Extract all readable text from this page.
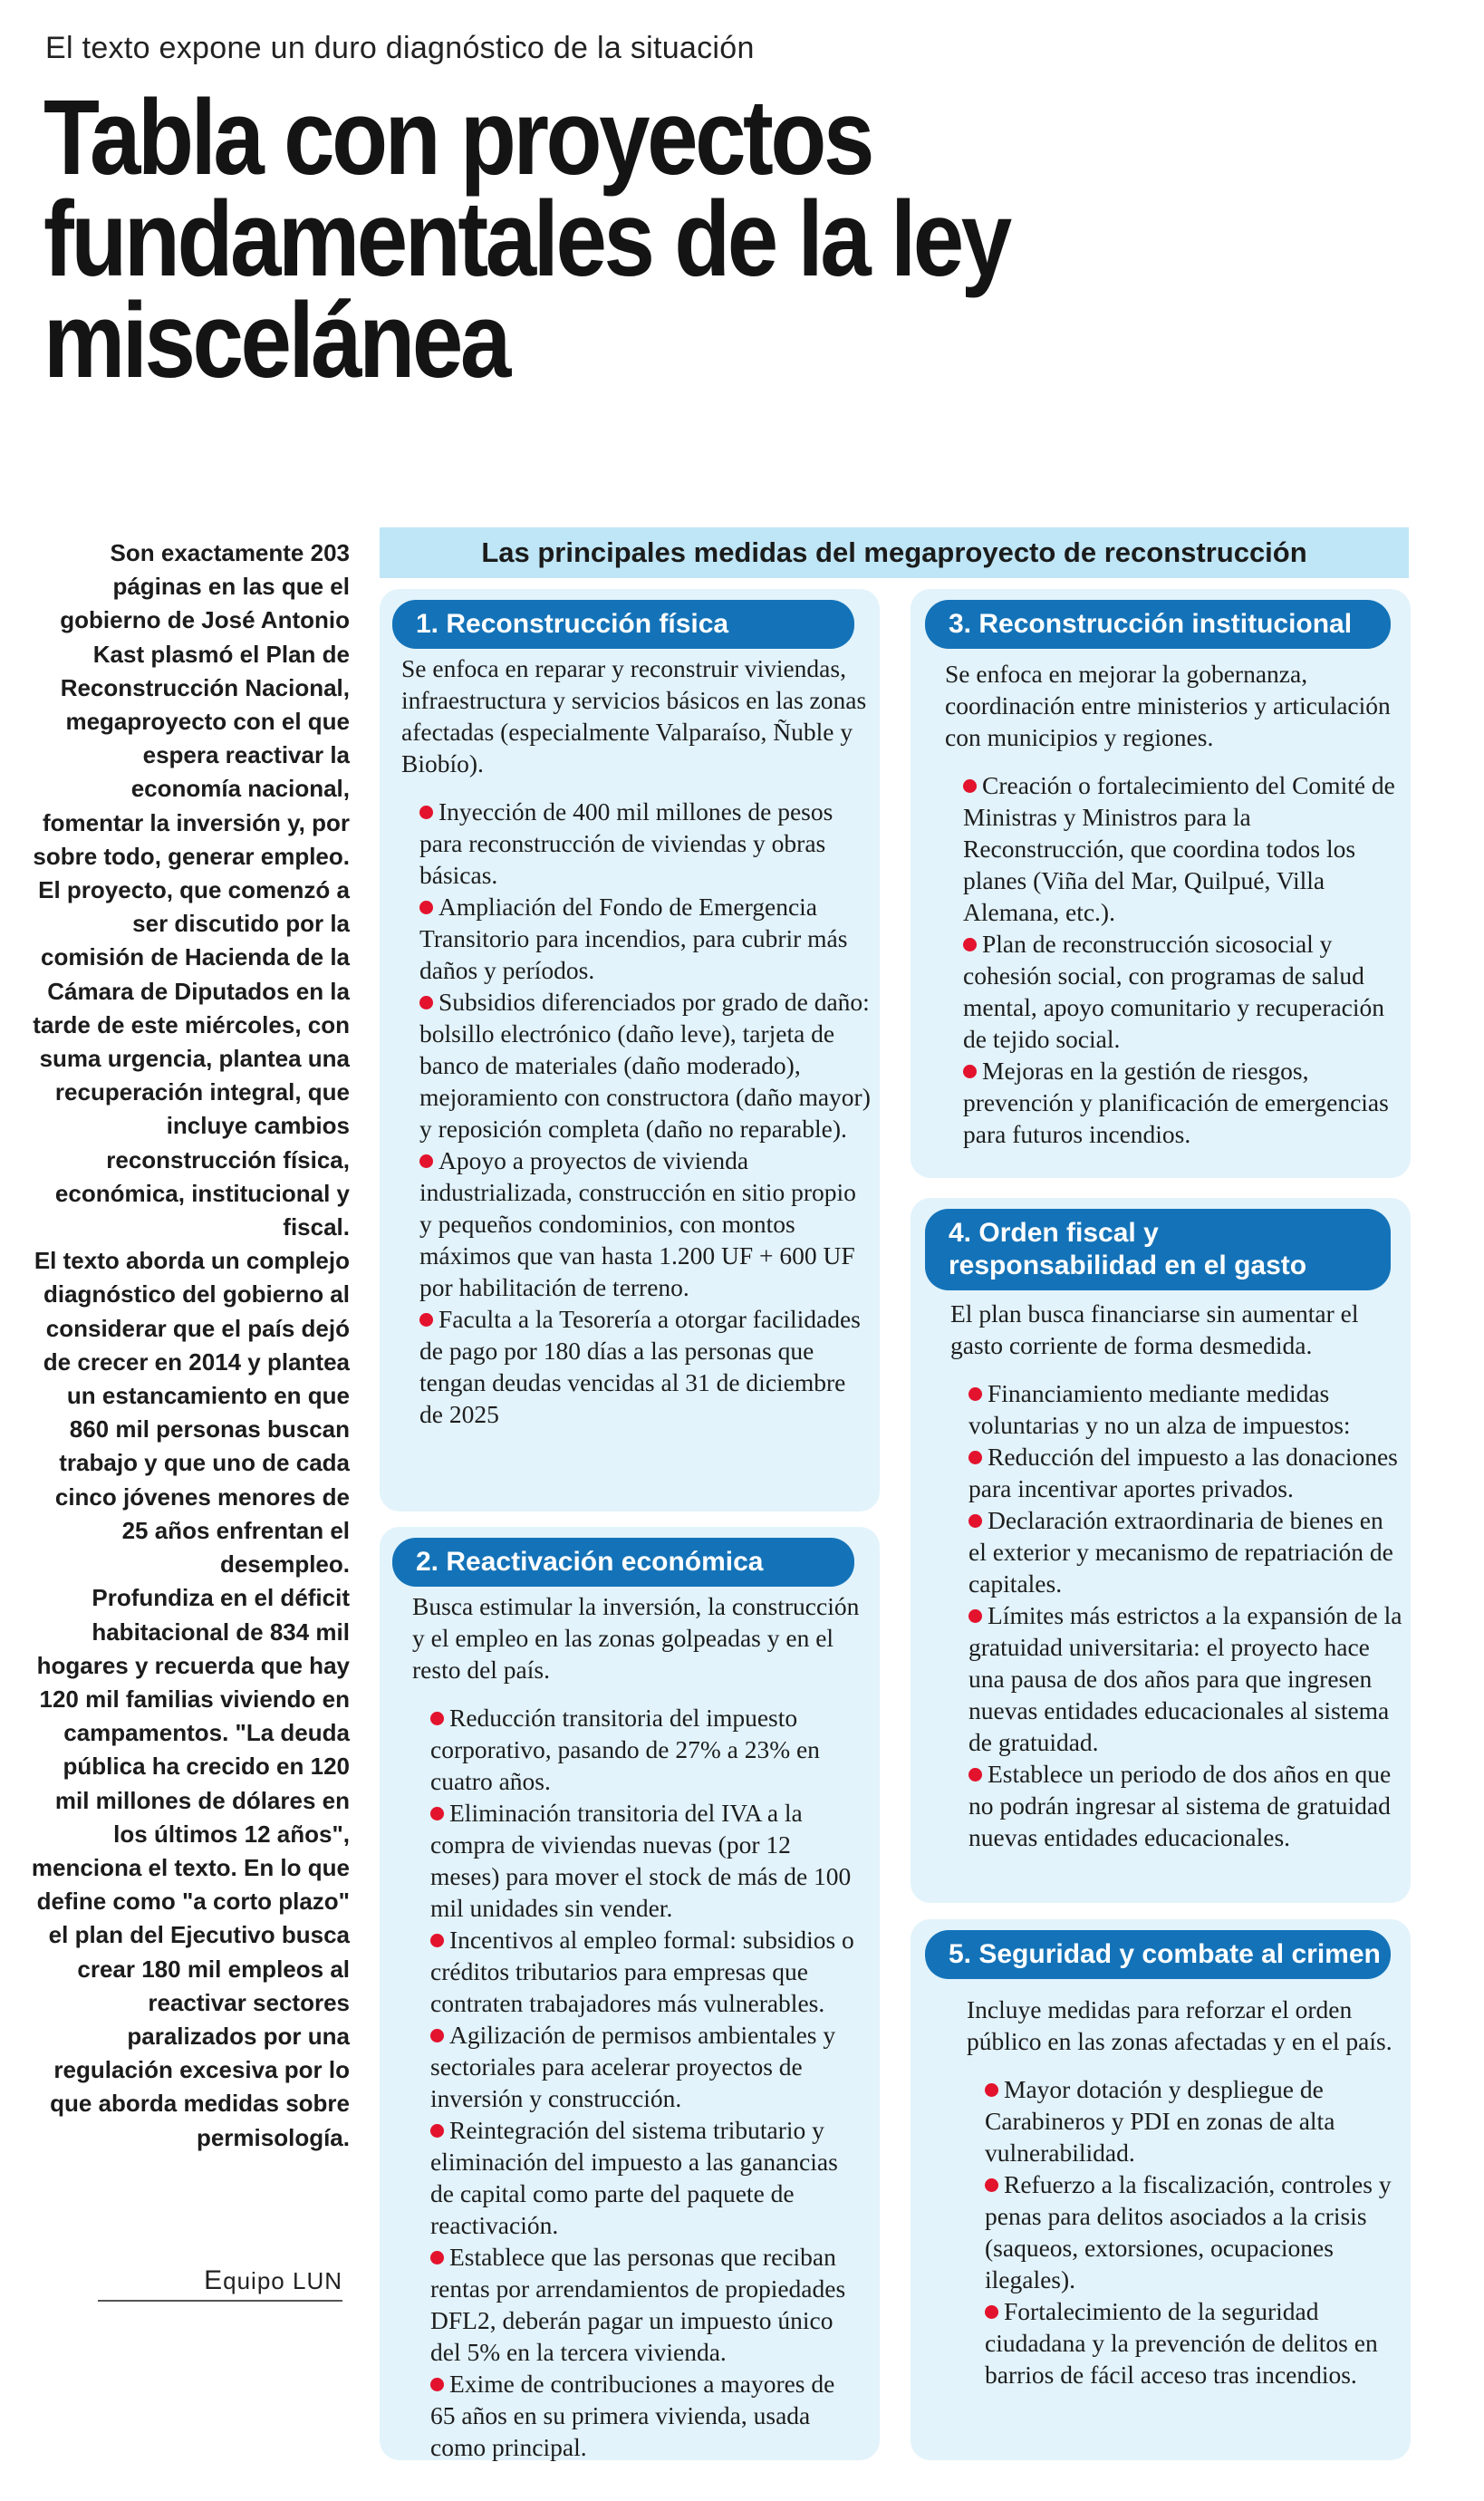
El texto expone un duro diagnóstico de la situación
Tabla con proyectos
fundamentales de la ley
miscelánea

Son exactamente 203 páginas en las que el gobierno de José Antonio Kast plasmó el Plan de Reconstrucción Nacional, megaproyecto con el que espera reactivar la economía nacional, fomentar la inversión y, por sobre todo, generar empleo. El proyecto, que comenzó a ser discutido por la comisión de Hacienda de la Cámara de Diputados en la tarde de este miércoles, con suma urgencia, plantea una recuperación integral, que incluye cambios reconstrucción física, económica, institucional y fiscal.

El texto aborda un complejo diagnóstico del gobierno al considerar que el país dejó de crecer en 2014 y plantea un estancamiento en que 860 mil personas buscan trabajo y que uno de cada cinco jóvenes menores de 25 años enfrentan el desempleo.

Profundiza en el déficit habitacional de 834 mil hogares y recuerda que hay 120 mil familias viviendo en campamentos. "La deuda pública ha crecido en 120 mil millones de dólares en los últimos 12 años", menciona el texto. En lo que define como "a corto plazo" el plan del Ejecutivo busca crear 180 mil empleos al reactivar sectores paralizados por una regulación excesiva por lo que aborda medidas sobre permisología.

Equipo LUN
Las principales medidas del megaproyecto de reconstrucción
1. Reconstrucción física

Se enfoca en reparar y reconstruir viviendas, infraestructura y servicios básicos en las zonas afectadas (especialmente Valparaíso, Ñuble y Biobío).

Inyección de 400 mil millones de pesos para reconstrucción de viviendas y obras básicas.
Ampliación del Fondo de Emergencia Transitorio para incendios, para cubrir más daños y períodos.
Subsidios diferenciados por grado de daño: bolsillo electrónico (daño leve), tarjeta de banco de materiales (daño moderado), mejoramiento con constructora (daño mayor) y reposición completa (daño no reparable).
Apoyo a proyectos de vivienda industrializada, construcción en sitio propio y pequeños condominios, con montos máximos que van hasta 1.200 UF + 600 UF por habilitación de terreno.
Faculta a la Tesorería a otorgar facilidades de pago por 180 días a las personas que tengan deudas vencidas al 31 de diciembre de 2025
2. Reactivación económica

Busca estimular la inversión, la construcción y el empleo en las zonas golpeadas y en el resto del país.

Reducción transitoria del impuesto corporativo, pasando de 27% a 23% en cuatro años.
Eliminación transitoria del IVA a la compra de viviendas nuevas (por 12 meses) para mover el stock de más de 100 mil unidades sin vender.
Incentivos al empleo formal: subsidios o créditos tributarios para empresas que contraten trabajadores más vulnerables.
Agilización de permisos ambientales y sectoriales para acelerar proyectos de inversión y construcción.
Reintegración del sistema tributario y eliminación del impuesto a las ganancias de capital como parte del paquete de reactivación.
Establece que las personas que reciban rentas por arrendamientos de propiedades DFL2, deberán pagar un impuesto único del 5% en la tercera vivienda.
Exime de contribuciones a mayores de 65 años en su primera vivienda, usada como principal.
3. Reconstrucción institucional

Se enfoca en mejorar la gobernanza, coordinación entre ministerios y articulación con municipios y regiones.

Creación o fortalecimiento del Comité de Ministras y Ministros para la Reconstrucción, que coordina todos los planes (Viña del Mar, Quilpué, Villa Alemana, etc.).
Plan de reconstrucción sicosocial y cohesión social, con programas de salud mental, apoyo comunitario y recuperación de tejido social.
Mejoras en la gestión de riesgos, prevención y planificación de emergencias para futuros incendios.
4. Orden fiscal y
responsabilidad en el gasto

El plan busca financiarse sin aumentar el gasto corriente de forma desmedida.

Financiamiento mediante medidas voluntarias y no un alza de impuestos:
Reducción del impuesto a las donaciones para incentivar aportes privados.
Declaración extraordinaria de bienes en el exterior y mecanismo de repatriación de capitales.
Límites más estrictos a la expansión de la gratuidad universitaria: el proyecto hace una pausa de dos años para que ingresen nuevas entidades educacionales al sistema de gratuidad.
Establece un periodo de dos años en que no podrán ingresar al sistema de gratuidad nuevas entidades educacionales.
5. Seguridad y combate al crimen

Incluye medidas para reforzar el orden público en las zonas afectadas y en el país.

Mayor dotación y despliegue de Carabineros y PDI en zonas de alta vulnerabilidad.
Refuerzo a la fiscalización, controles y penas para delitos asociados a la crisis (saqueos, extorsiones, ocupaciones ilegales).
Fortalecimiento de la seguridad ciudadana y la prevención de delitos en barrios de fácil acceso tras incendios.
